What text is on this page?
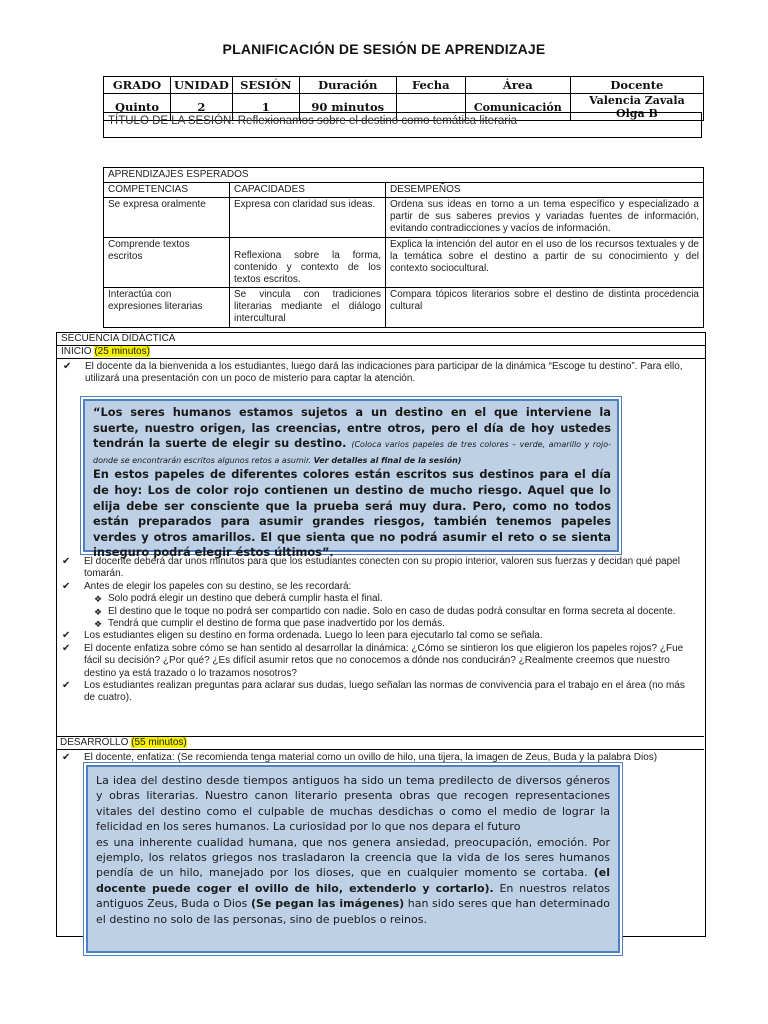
PLANIFICACIÓN DE SESIÓN DE APRENDIZAJE
GRADO	UNIDAD	SESIÓN	Duración	Fecha	Área	Docente
Quinto	2	1	90 minutos		Comunicación	Valencia Zavala Olga B
TÍTULO DE LA SESIÓN: Reflexionamos sobre el destino como temática literaria
APRENDIZAJES ESPERADOS		
COMPETENCIAS	CAPACIDADES	DESEMPEÑOS
Se expresa oralmente	Expresa con claridad sus ideas.	Ordena sus ideas en torno a un tema específico y especializado a partir de sus saberes previos y variadas fuentes de información, evitando contradicciones y vacíos de información.
Comprende textos escritos	Reflexiona sobre la forma, contenido y contexto de los textos escritos.	Explica la intención del autor en el uso de los recursos textuales y de la temática sobre el destino a partir de su conocimiento y del contexto sociocultural.
Interactúa con expresiones literarias	Se vincula con tradiciones literarias mediante el diálogo intercultural	Compara tópicos literarios sobre el destino de distinta procedencia cultural
SECUENCIA DIDÁCTICA
INICIO (25 minutos)
✔ El docente da la bienvenida a los estudiantes, luego dará las indicaciones para participar de la dinámica “Escoge tu destino”. Para ello, utilizará una presentación con un poco de misterio para captar la atención.
“Los seres humanos estamos sujetos a un destino en el que interviene la suerte, nuestro origen, las creencias, entre otros, pero el día de hoy ustedes tendrán la suerte de elegir su destino. (Coloca varios papeles de tres colores – verde, amarillo y rojo- donde se encontrarán escritos algunos retos a asumir. Ver detalles al final de la sesión)
En estos papeles de diferentes colores están escritos sus destinos para el día de hoy: Los de color rojo contienen un destino de mucho riesgo. Aquel que lo elija debe ser consciente que la prueba será muy dura. Pero, como no todos están preparados para asumir grandes riesgos, también tenemos papeles verdes y otros amarillos. El que sienta que no podrá asumir el reto o se sienta inseguro podrá elegir éstos últimos”.
✔ El docente deberá dar unos minutos para que los estudiantes conecten con su propio interior, valoren sus fuerzas y decidan qué papel tomarán.
✔ Antes de elegir los papeles con su destino, se les recordará:
❖ Solo podrá elegir un destino que deberá cumplir hasta el final.
❖ El destino que le toque no podrá ser compartido con nadie. Solo en caso de dudas podrá consultar en forma secreta al docente.
❖ Tendrá que cumplir el destino de forma que pase inadvertido por los demás.
✔ Los estudiantes eligen su destino en forma ordenada. Luego lo leen para ejecutarlo tal como se señala.
✔ El docente enfatiza sobre cómo se han sentido al desarrollar la dinámica: ¿Cómo se sintieron los que eligieron los papeles rojos? ¿Fue fácil su decisión? ¿Por qué? ¿Es difícil asumir retos que no conocemos a dónde nos conducirán? ¿Realmente creemos que nuestro destino ya está trazado o lo trazamos nosotros?
✔ Los estudiantes realizan preguntas para aclarar sus dudas, luego señalan las normas de convivencia para el trabajo en el área (no más de cuatro).
DESARROLLO (55 minutos)
✔ El docente, enfatiza: (Se recomienda tenga material como un ovillo de hilo, una tijera, la imagen de Zeus, Buda y la palabra Dios)
La idea del destino desde tiempos antiguos ha sido un tema predilecto de diversos géneros y obras literarias. Nuestro canon literario presenta obras que recogen representaciones vitales del destino como el culpable de muchas desdichas o como el medio de lograr la felicidad en los seres humanos. La curiosidad por lo que nos depara el futuro
es una inherente cualidad humana, que nos genera ansiedad, preocupación, emoción. Por ejemplo, los relatos griegos nos trasladaron la creencia que la vida de los seres humanos pendía de un hilo, manejado por los dioses, que en cualquier momento se cortaba. (el docente puede coger el ovillo de hilo, extenderlo y cortarlo). En nuestros relatos antiguos Zeus, Buda o Dios (Se pegan las imágenes) han sido seres que han determinado el destino no solo de las personas, sino de pueblos o reinos.
